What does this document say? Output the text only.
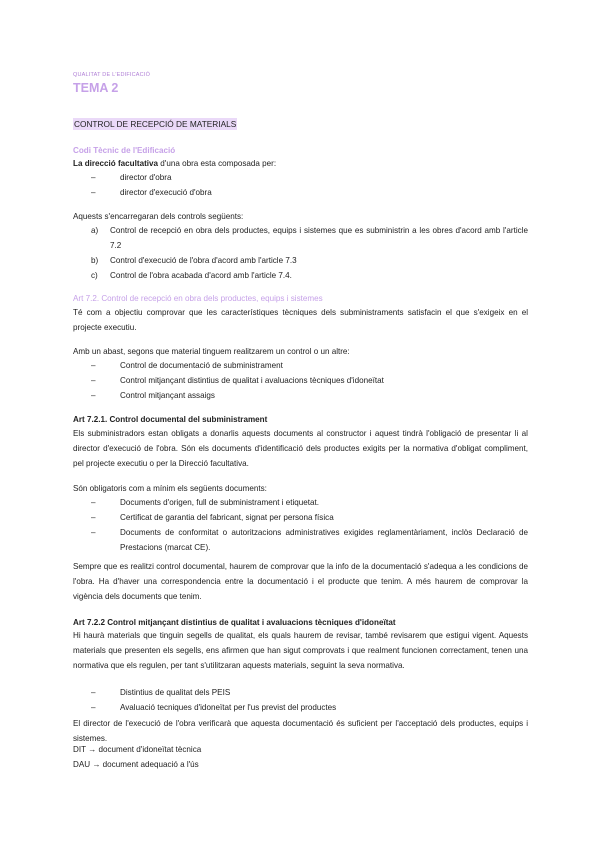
QUALITAT DE L'EDIFICACIÓ
TEMA 2
CONTROL DE RECEPCIÓ DE MATERIALS
Codi Tècnic de l'Edificació
La direcció facultativa d'una obra esta composada per:
–	director d'obra
–	director d'execució d'obra
Aquests s'encarregaran dels controls següents:
a)	Control de recepció en obra dels productes, equips i sistemes que es subministrin a les obres d'acord amb l'article 7.2
b)	Control d'execució de l'obra d'acord amb l'article 7.3
c)	Control de l'obra acabada d'acord amb l'article 7.4.
Art 7.2. Control de recepció en obra dels productes, equips i sistemes
Té com a objectiu comprovar que les característiques tècniques dels subministraments satisfacin el que s'exigeix en el projecte executiu.
Amb un abast, segons que material tinguem realitzarem un control o un altre:
–	Control de documentació de subministrament
–	Control mitjançant distintius de qualitat i avaluacions tècniques d'idoneïtat
–	Control mitjançant assaigs
Art 7.2.1. Control documental del subministrament
Els subministradors estan obligats a donarlis aquests documents al constructor i aquest tindrà l'obligació de presentar li al director d'execució de l'obra. Són els documents d'identificació dels productes exigits per la normativa d'obligat compliment, pel projecte executiu o per la Direcció facultativa.
Són obligatoris com a mínim els següents documents:
–	Documents d'origen, full de subministrament i etiquetat.
–	Certificat de garantia del fabricant, signat per persona física
–	Documents de conformitat o autoritzacions administratives exigides reglamentàriament, inclòs Declaració de Prestacions (marcat CE).
Sempre que es realitzi control documental, haurem de comprovar que la info de la documentació s'adequa a les condicions de l'obra. Ha d'haver una correspondencia entre la documentació i el producte que tenim. A més haurem de comprovar la vigència dels documents que tenim.
Art 7.2.2 Control mitjançant distintius de qualitat i avaluacions tècniques d'idoneïtat
Hi haurà materials que tinguin segells de qualitat, els quals haurem de revisar, també revisarem que estigui vigent. Aquests materials que presenten els segells, ens afirmen que han sigut comprovats i que realment funcionen correctament, tenen una normativa que els regulen, per tant s'utilitzaran aquests materials, seguint la seva normativa.
–	Distintius de qualitat dels PEIS
–	Avaluació tecniques d'idoneïtat per l'us previst del productes
El director de l'execució de l'obra verificarà que aquesta documentació és suficient per l'acceptació dels productes, equips i sistemes.
DIT → document d'idoneïtat tècnica
DAU → document adequació a l'ús
